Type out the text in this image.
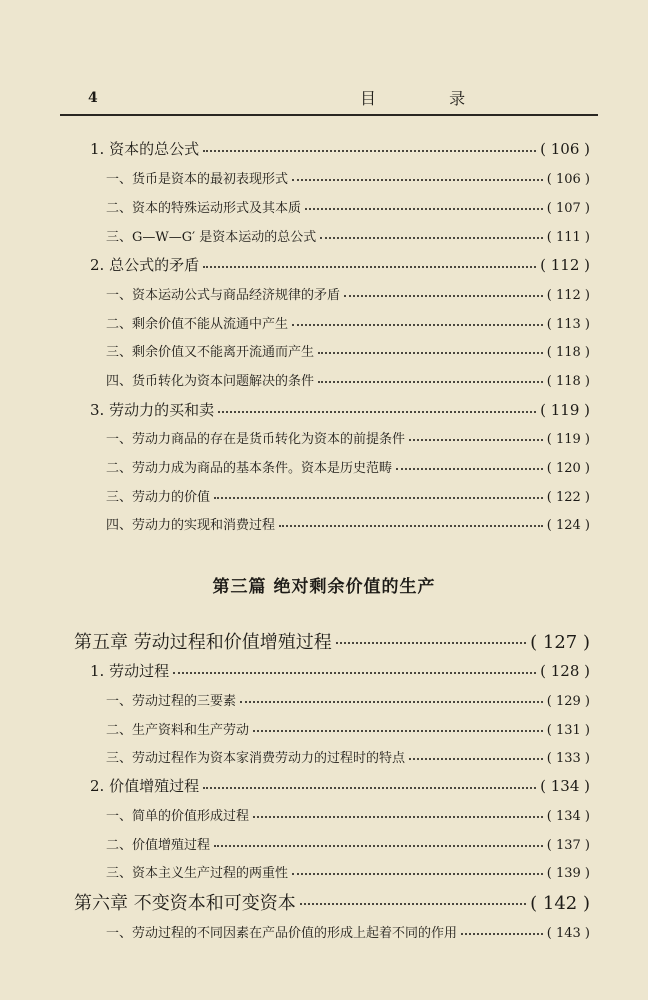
4	目 录
1. 资本的总公式	( 106 )
一、货币是资本的最初表现形式	( 106 )
二、资本的特殊运动形式及其本质	( 107 )
三、G—W—G′ 是资本运动的总公式	( 111 )
2. 总公式的矛盾	( 112 )
一、资本运动公式与商品经济规律的矛盾	( 112 )
二、剩余价值不能从流通中产生	( 113 )
三、剩余价值又不能离开流通而产生	( 118 )
四、货币转化为资本问题解决的条件	( 118 )
3. 劳动力的买和卖	( 119 )
一、劳动力商品的存在是货币转化为资本的前提条件	( 119 )
二、劳动力成为商品的基本条件。资本是历史范畴	( 120 )
三、劳动力的价值	( 122 )
四、劳动力的实现和消费过程	( 124 )
第三篇 绝对剩余价值的生产
第五章 劳动过程和价值增殖过程	( 127 )
1. 劳动过程	( 128 )
一、劳动过程的三要素	( 129 )
二、生产资料和生产劳动	( 131 )
三、劳动过程作为资本家消费劳动力的过程时的特点	( 133 )
2. 价值增殖过程	( 134 )
一、简单的价值形成过程	( 134 )
二、价值增殖过程	( 137 )
三、资本主义生产过程的两重性	( 139 )
第六章 不变资本和可变资本	( 142 )
一、劳动过程的不同因素在产品价值的形成上起着不同的作用	( 143 )
